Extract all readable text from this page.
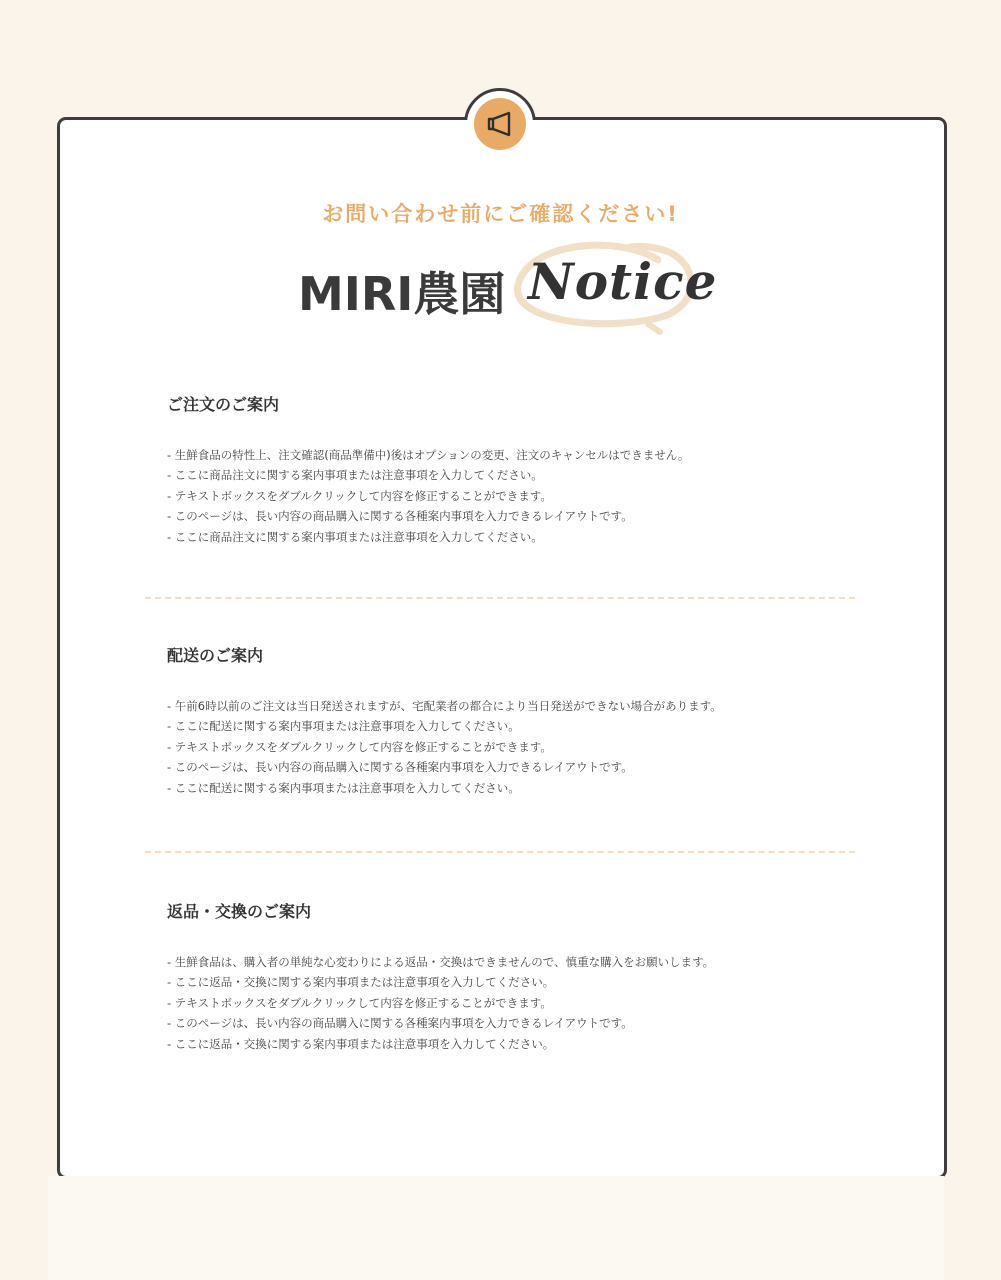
お問い合わせ前にご確認ください!
MIRI農園 Notice
ご注文のご案内
- 生鮮食品の特性上、注文確認(商品準備中)後はオプションの変更、注文のキャンセルはできません。
- ここに商品注文に関する案内事項または注意事項を入力してください。
- テキストボックスをダブルクリックして内容を修正することができます。
- このページは、長い内容の商品購入に関する各種案内事項を入力できるレイアウトです。
- ここに商品注文に関する案内事項または注意事項を入力してください。
配送のご案内
- 午前6時以前のご注文は当日発送されますが、宅配業者の都合により当日発送ができない場合があります。
- ここに配送に関する案内事項または注意事項を入力してください。
- テキストボックスをダブルクリックして内容を修正することができます。
- このページは、長い内容の商品購入に関する各種案内事項を入力できるレイアウトです。
- ここに配送に関する案内事項または注意事項を入力してください。
返品・交換のご案内
- 生鮮食品は、購入者の単純な心変わりによる返品・交換はできませんので、慎重な購入をお願いします。
- ここに返品・交換に関する案内事項または注意事項を入力してください。
- テキストボックスをダブルクリックして内容を修正することができます。
- このページは、長い内容の商品購入に関する各種案内事項を入力できるレイアウトです。
- ここに返品・交換に関する案内事項または注意事項を入力してください。
